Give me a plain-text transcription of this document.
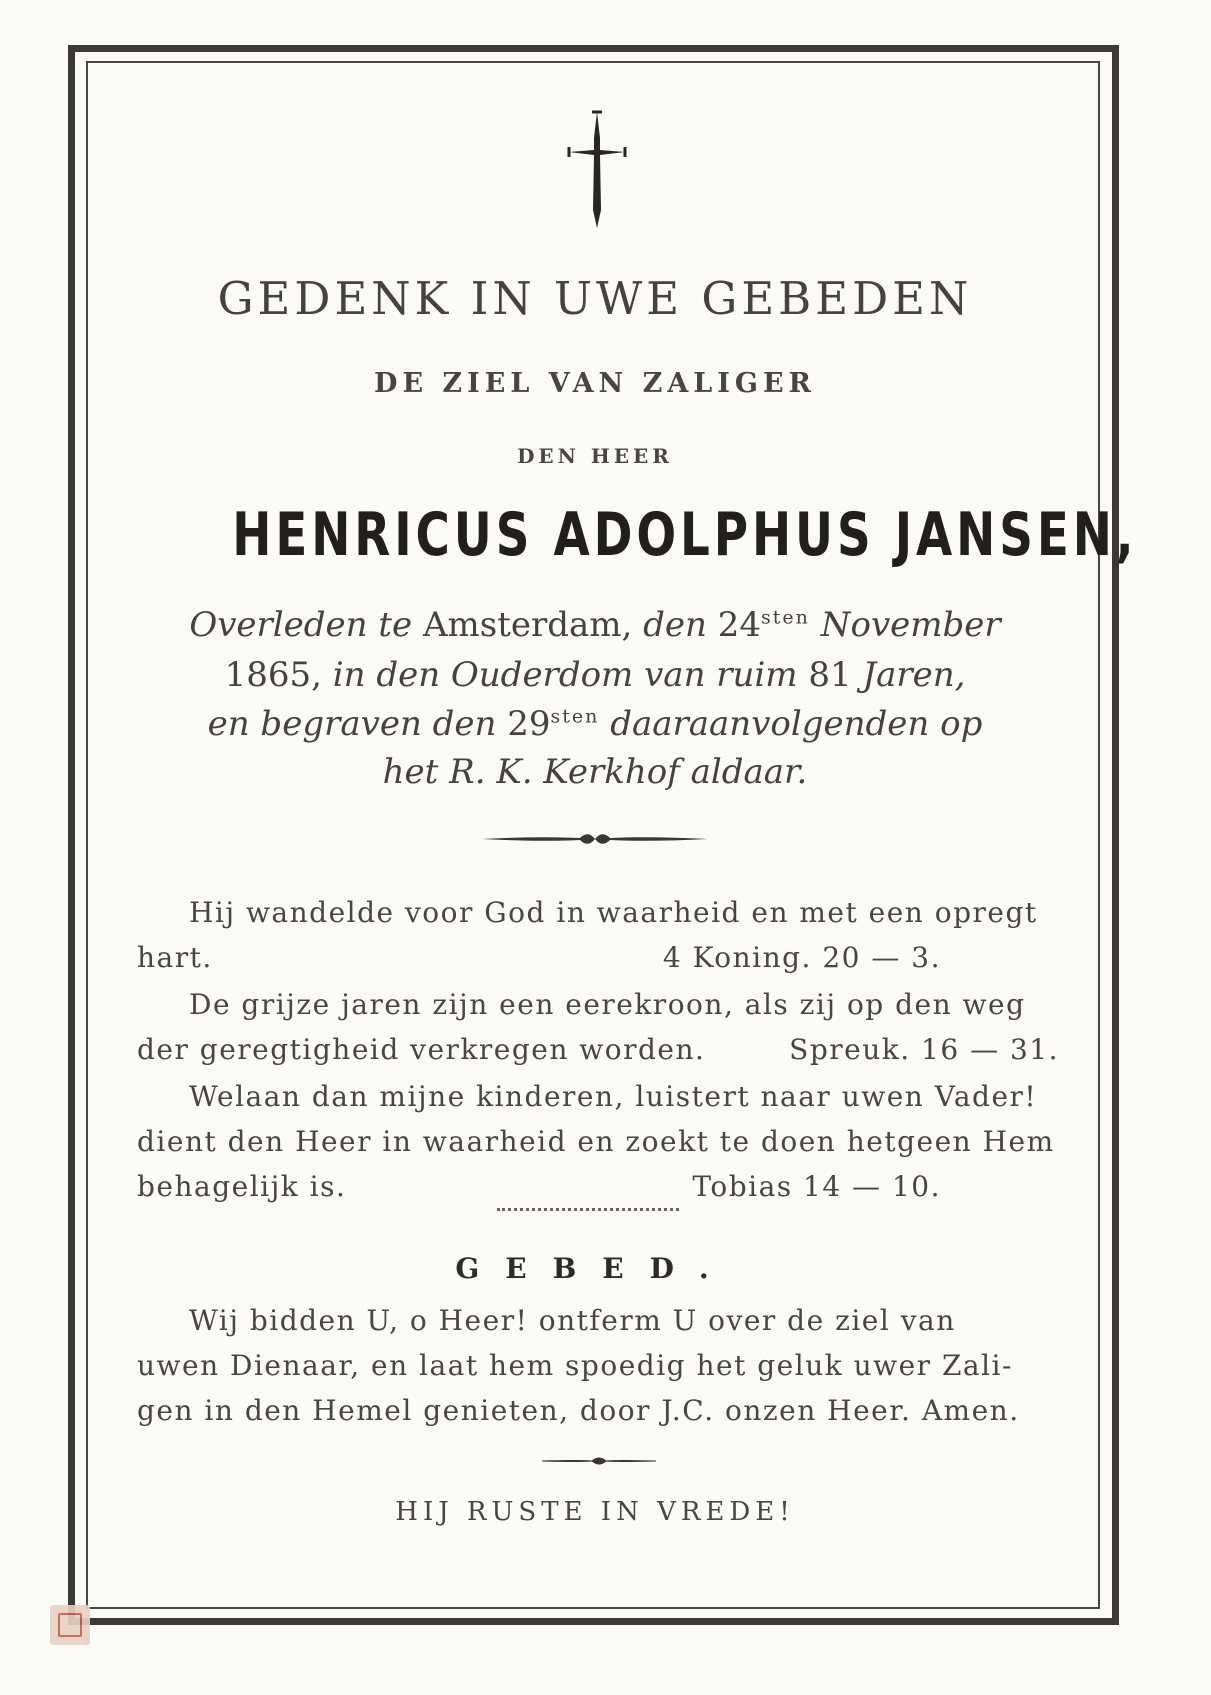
GEDENK IN UWE GEBEDEN
DE ZIEL VAN ZALIGER
DEN HEER
HENRICUS ADOLPHUS JANSEN,
Overleden te Amsterdam, den $24^{sten}$ November
1865, in den Ouderdom van ruim 81 Jaren,
en begraven den $29^{sten}$ daaraanvolgenden op
het R. K. Kerkhof aldaar.
Hij wandelde voor God in waarheid en met een opregt
hart.	4 Koning. 20 — 3.
De grijze jaren zijn een eerekroon, als zij op den weg
der geregtigheid verkregen worden.	Spreuk. 16 — 31.
Welaan dan mijne kinderen, luistert naar uwen Vader!
dient den Heer in waarheid en zoekt te doen hetgeen Hem
behagelijk is.	Tobias 14 — 10.
GEBED.
Wij bidden U, o Heer! ontferm U over de ziel van
uwen Dienaar, en laat hem spoedig het geluk uwer Zali-
gen in den Hemel genieten, door J.C. onzen Heer. Amen.
HIJ RUSTE IN VREDE!
